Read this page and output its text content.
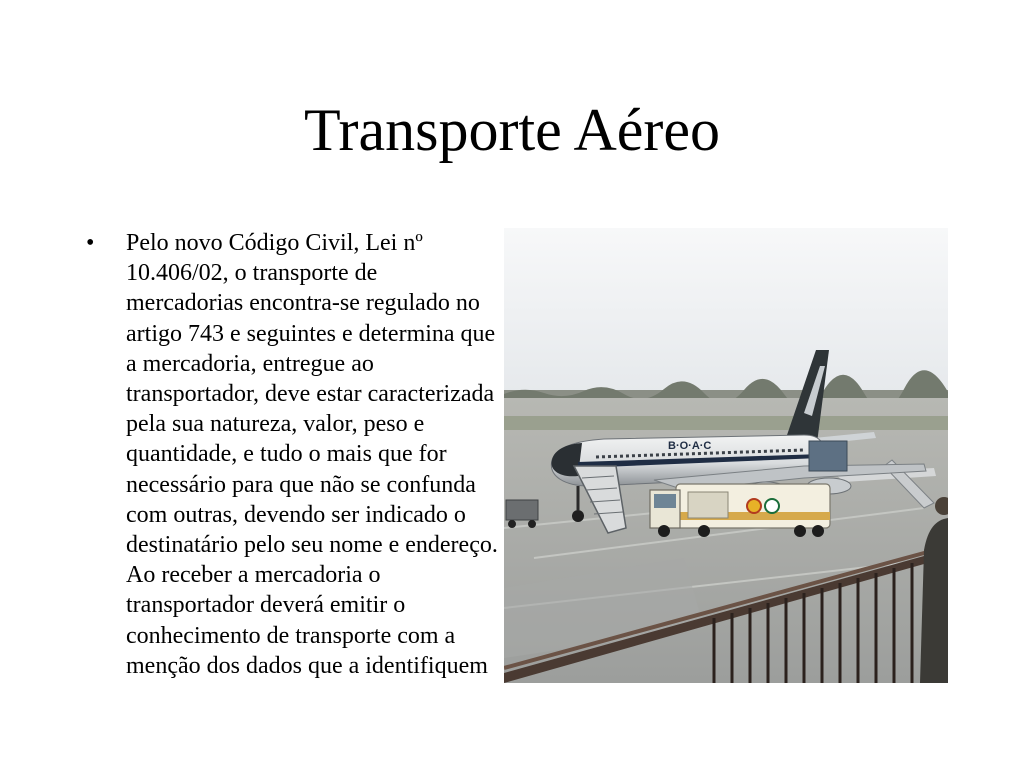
Transporte Aéreo
• Pelo novo Código Civil, Lei nº 10.406/02, o transporte de mercadorias encontra-se regulado no artigo 743 e seguintes e determina que a mercadoria, entregue ao transportador, deve estar caracterizada pela sua natureza, valor, peso e quantidade, e tudo o mais que for necessário para que não se confunda com outras, devendo ser indicado o destinatário pelo seu nome e endereço. Ao receber a mercadoria o transportador deverá emitir o conhecimento de transporte com a menção dos dados que a identifiquem
B·O·A·C
